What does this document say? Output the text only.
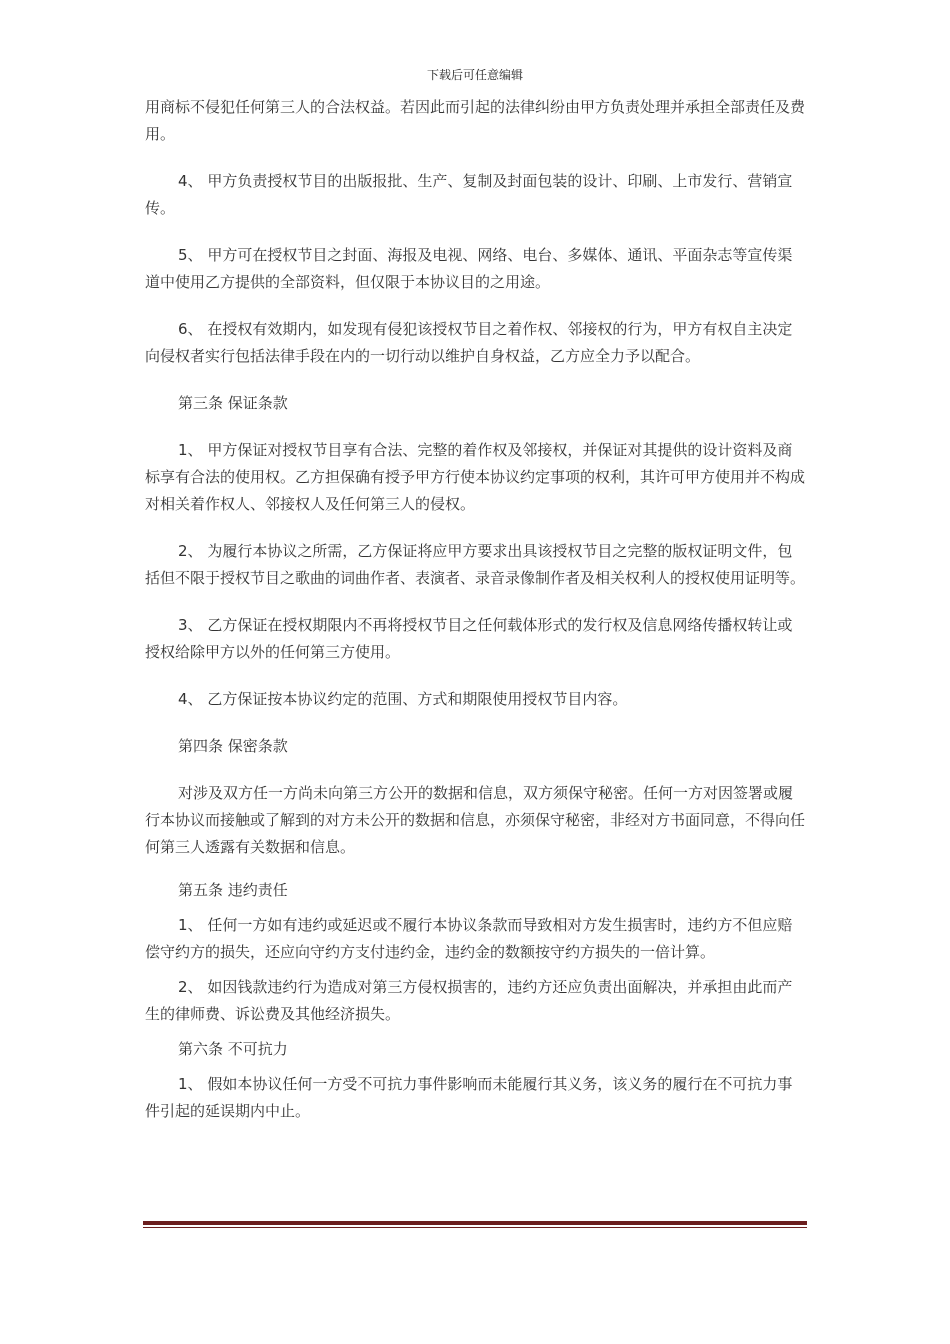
下载后可任意编辑

用商标不侵犯任何第三人的合法权益。若因此而引起的法律纠纷由甲方负责处理并承担全部责任及费用。

4、 甲方负责授权节目的出版报批、生产、复制及封面包装的设计、印刷、上市发行、营销宣传。

5、 甲方可在授权节目之封面、海报及电视、网络、电台、多媒体、通讯、平面杂志等宣传渠道中使用乙方提供的全部资料，但仅限于本协议目的之用途。

6、 在授权有效期内，如发现有侵犯该授权节目之着作权、邻接权的行为，甲方有权自主决定向侵权者实行包括法律手段在内的一切行动以维护自身权益，乙方应全力予以配合。

第三条 保证条款

1、 甲方保证对授权节目享有合法、完整的着作权及邻接权，并保证对其提供的设计资料及商标享有合法的使用权。乙方担保确有授予甲方行使本协议约定事项的权利，其许可甲方使用并不构成对相关着作权人、邻接权人及任何第三人的侵权。

2、 为履行本协议之所需，乙方保证将应甲方要求出具该授权节目之完整的版权证明文件，包括但不限于授权节目之歌曲的词曲作者、表演者、录音录像制作者及相关权利人的授权使用证明等。

3、 乙方保证在授权期限内不再将授权节目之任何载体形式的发行权及信息网络传播权转让或授权给除甲方以外的任何第三方使用。

4、 乙方保证按本协议约定的范围、方式和期限使用授权节目内容。

第四条 保密条款

对涉及双方任一方尚未向第三方公开的数据和信息，双方须保守秘密。任何一方对因签署或履行本协议而接触或了解到的对方未公开的数据和信息，亦须保守秘密，非经对方书面同意，不得向任何第三人透露有关数据和信息。

第五条 违约责任

1、 任何一方如有违约或延迟或不履行本协议条款而导致相对方发生损害时，违约方不但应赔偿守约方的损失，还应向守约方支付违约金，违约金的数额按守约方损失的一倍计算。

2、 如因钱款违约行为造成对第三方侵权损害的，违约方还应负责出面解决，并承担由此而产生的律师费、诉讼费及其他经济损失。

第六条 不可抗力

1、 假如本协议任何一方受不可抗力事件影响而未能履行其义务，该义务的履行在不可抗力事件引起的延误期内中止。
